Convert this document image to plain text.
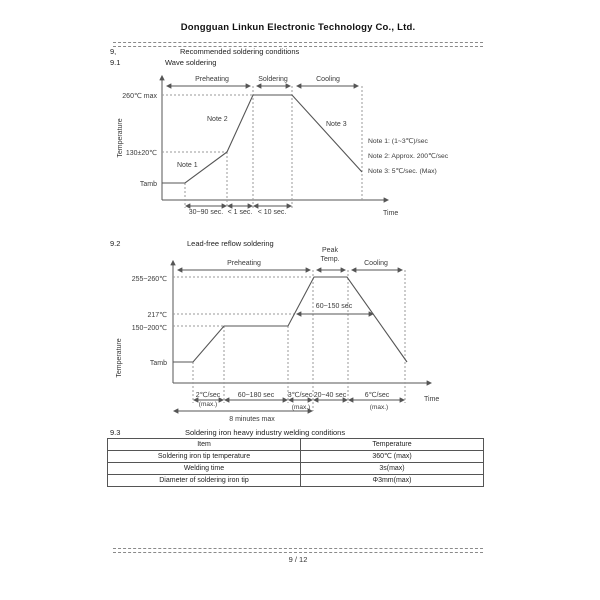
Dongguan Linkun Electronic Technology Co., Ltd.
9,	Recommended soldering conditions
9.1	Wave soldering
9.2	Lead-free reflow soldering
9.3	Soldering iron heavy industry welding conditions
Preheating	Soldering	Cooling
260℃ max
130±20℃
Tamb
Temperature
Note 1
Note 2
Note 3
30~90 sec. < 1 sec. < 10 sec.	Time
Note 1: (1~3℃)/sec
Note 2: Approx. 200℃/sec
Note 3: 5℃/sec. (Max)
Preheating
Peak
Temp.
Cooling
255~260℃
217℃
150~200℃
Tamb
Temperature
60~150 sec
2℃/sec	60~180 sec 3℃/sec 20~40 sec	6℃/sec
(max.)	(max.)	(max.)
8 minutes max
Time
Item	Temperature
Soldering iron tip temperature	360℃ (max)
Welding time	3s(max)
Diameter of soldering iron tip	Φ3mm(max)
9 / 12
